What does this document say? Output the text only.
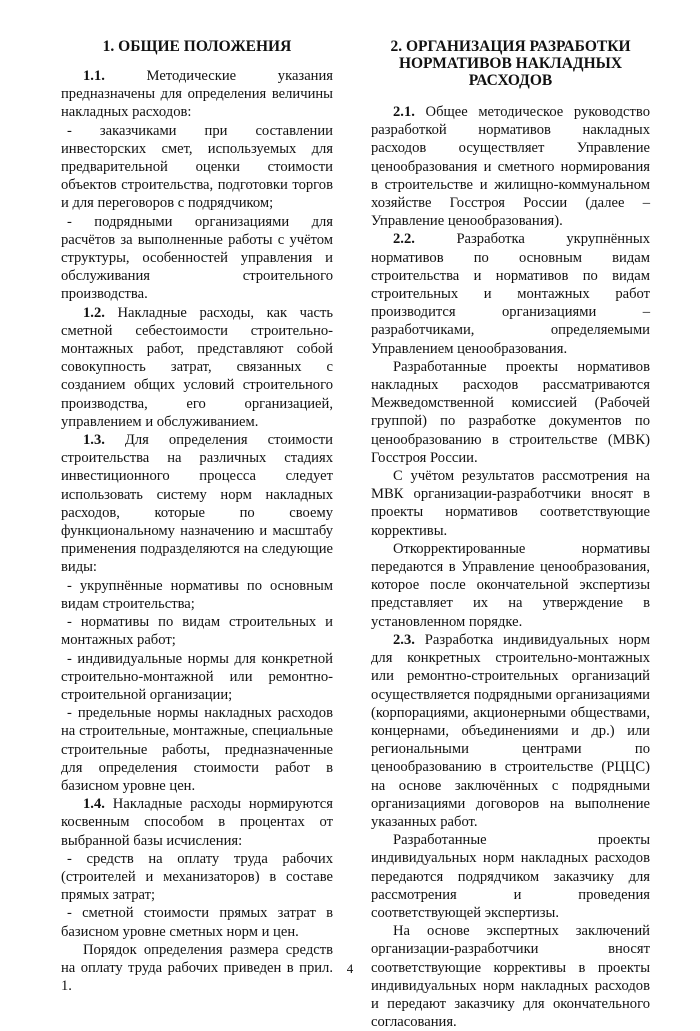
1. ОБЩИЕ ПОЛОЖЕНИЯ

1.1. Методические указания предназначены для определения величины накладных расходов:

- заказчиками при составлении инвесторских смет, используемых для предварительной оценки стоимости объектов строительства, подготовки торгов и для переговоров с подрядчиком;

- подрядными организациями для расчётов за выполненные работы с учётом структуры, особенностей управления и обслуживания строительного производства.

1.2. Накладные расходы, как часть сметной себестоимости строительно-монтажных работ, представляют собой совокупность затрат, связанных с созданием общих условий строительного производства, его организацией, управлением и обслуживанием.

1.3. Для определения стоимости строительства на различных стадиях инвестиционного процесса следует использовать систему норм накладных расходов, которые по своему функциональному назначению и масштабу применения подразделяются на следующие виды:

- укрупнённые нормативы по основным видам строительства;

- нормативы по видам строительных и монтажных работ;

- индивидуальные нормы для конкретной строительно-монтажной или ремонтно-строительной организации;

- предельные нормы накладных расходов на строительные, монтажные, специальные строительные работы, предназначенные для определения стоимости работ в базисном уровне цен.

1.4. Накладные расходы нормируются косвенным способом в процентах от выбранной базы исчисления:

- средств на оплату труда рабочих (строителей и механизаторов) в составе прямых затрат;

- сметной стоимости прямых затрат в базисном уровне сметных норм и цен.

Порядок определения размера средств на оплату труда рабочих приведен в прил. 1.

2. ОРГАНИЗАЦИЯ РАЗРАБОТКИ НОРМАТИВОВ НАКЛАДНЫХ РАСХОДОВ

2.1. Общее методическое руководство разработкой нормативов накладных расходов осуществляет Управление ценообразования и сметного нормирования в строительстве и жилищно-коммунальном хозяйстве Госстроя России (далее – Управление ценообразования).

2.2. Разработка укрупнённых нормативов по основным видам строительства и нормативов по видам строительных и монтажных работ производится организациями – разработчиками, определяемыми Управлением ценообразования.

Разработанные проекты нормативов накладных расходов рассматриваются Межведомственной комиссией (Рабочей группой) по разработке документов по ценообразованию в строительстве (МВК) Госстроя России.

С учётом результатов рассмотрения на МВК организации-разработчики вносят в проекты нормативов соответствующие коррективы.

Откорректированные нормативы передаются в Управление ценообразования, которое после окончательной экспертизы представляет их на утверждение в установленном порядке.

2.3. Разработка индивидуальных норм для конкретных строительно-монтажных или ремонтно-строительных организаций осуществляется подрядными организациями (корпорациями, акционерными обществами, концернами, объединениями и др.) или региональными центрами по ценообразованию в строительстве (РЦЦС) на основе заключённых с подрядными организациями договоров на выполнение указанных работ.

Разработанные проекты индивидуальных норм накладных расходов передаются подрядчиком заказчику для рассмотрения и проведения соответствующей экспертизы.

На основе экспертных заключений организации-разработчики вносят соответствующие коррективы в проекты индивидуальных норм накладных расходов и передают заказчику для окончательного согласования.

4
